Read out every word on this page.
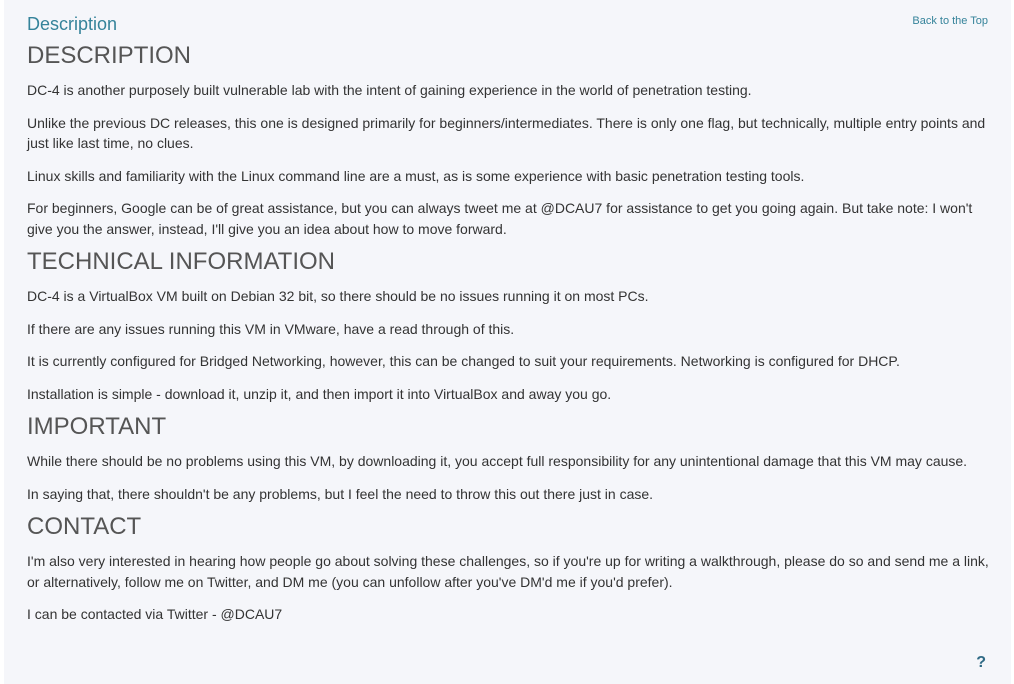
Description	Back to the Top
DESCRIPTION

DC-4 is another purposely built vulnerable lab with the intent of gaining experience in the world of penetration testing.

Unlike the previous DC releases, this one is designed primarily for beginners/intermediates. There is only one flag, but technically, multiple entry points and just like last time, no clues.

Linux skills and familiarity with the Linux command line are a must, as is some experience with basic penetration testing tools.

For beginners, Google can be of great assistance, but you can always tweet me at @DCAU7 for assistance to get you going again. But take note: I won't give you the answer, instead, I'll give you an idea about how to move forward.

TECHNICAL INFORMATION

DC-4 is a VirtualBox VM built on Debian 32 bit, so there should be no issues running it on most PCs.

If there are any issues running this VM in VMware, have a read through of this.

It is currently configured for Bridged Networking, however, this can be changed to suit your requirements. Networking is configured for DHCP.

Installation is simple - download it, unzip it, and then import it into VirtualBox and away you go.

IMPORTANT

While there should be no problems using this VM, by downloading it, you accept full responsibility for any unintentional damage that this VM may cause.

In saying that, there shouldn't be any problems, but I feel the need to throw this out there just in case.

CONTACT

I'm also very interested in hearing how people go about solving these challenges, so if you're up for writing a walkthrough, please do so and send me a link, or alternatively, follow me on Twitter, and DM me (you can unfollow after you've DM'd me if you'd prefer).

I can be contacted via Twitter - @DCAU7

?
